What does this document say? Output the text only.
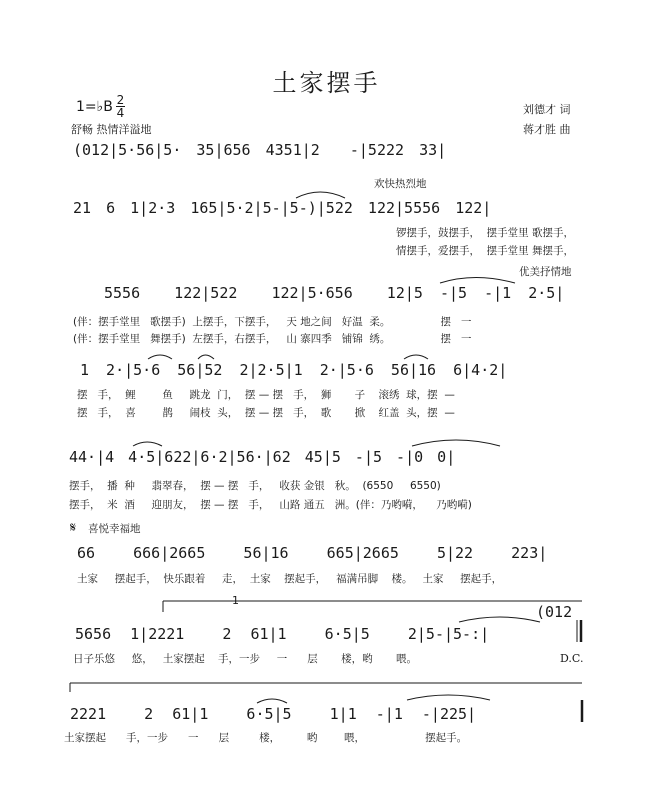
土家摆手
1=♭B $\frac{2}{4}$
舒畅 热情洋溢地
刘德才 词
蒋才胜 曲
(012|5·56|5· 35|656 4351|2  -|5222 33|
欢快热烈地
21 6 1|2·3 165|5·2|5-|5-)|522 122|5556 122|
锣摆手，鼓摆手，  摆手堂里 歌摆手，
情摆手，爱摆手，  摆手堂里 舞摆手，
优美抒情地
5556  122|522  122|5·656  12|5 -|5 -|1 2·5|
(伴：摆手堂里   歌摆手)  上摆手，下摆手，   天 地之间   好温  柔。               摆   一
(伴：摆手堂里   舞摆手)  左摆手，右摆手，   山 寨四季   铺锦  绣。               摆   一
1 2·|5·6 56|52 2|2·5|1 2·|5·6 56|16 6|4·2|
摆   手，  鲤        鱼     跳龙  门，  摆 — 摆   手，  狮       子    滚绣  球，摆  —
摆   手，  喜        鹊     闹枝  头，  摆 — 摆   手，  歌       掀    红盖  头，摆  —
44·|4 4·5|622|6·2|56·|62 45|5 -|5 -|0 0|
摆手，  播  种     翡翠春，  摆 — 摆   手，   收获 金银   秋。  (6550     6550)
摆手，  米  酒     迎朋友，  摆 — 摆   手，   山路 通五   洲。(伴：乃哟嗬，    乃哟嗬)
𝄋 喜悦幸福地
66  666|2665  56|16  665|2665  5|22  223|
土家     摆起手，  快乐跟着     走，  土家    摆起手，   福满吊脚    楼。   土家     摆起手，
1
(012
5656 1|2221  2 61|1  6·5|5  2|5-|5-:|
日子乐悠     悠，   土家摆起    手，一步     一      层       楼，哟       喂。	D.C.
2221  2 61|1  6·5|5  1|1 -|1 -|225|
土家摆起      手，一步      一      层         楼，        哟        喂，                  摆起手。
